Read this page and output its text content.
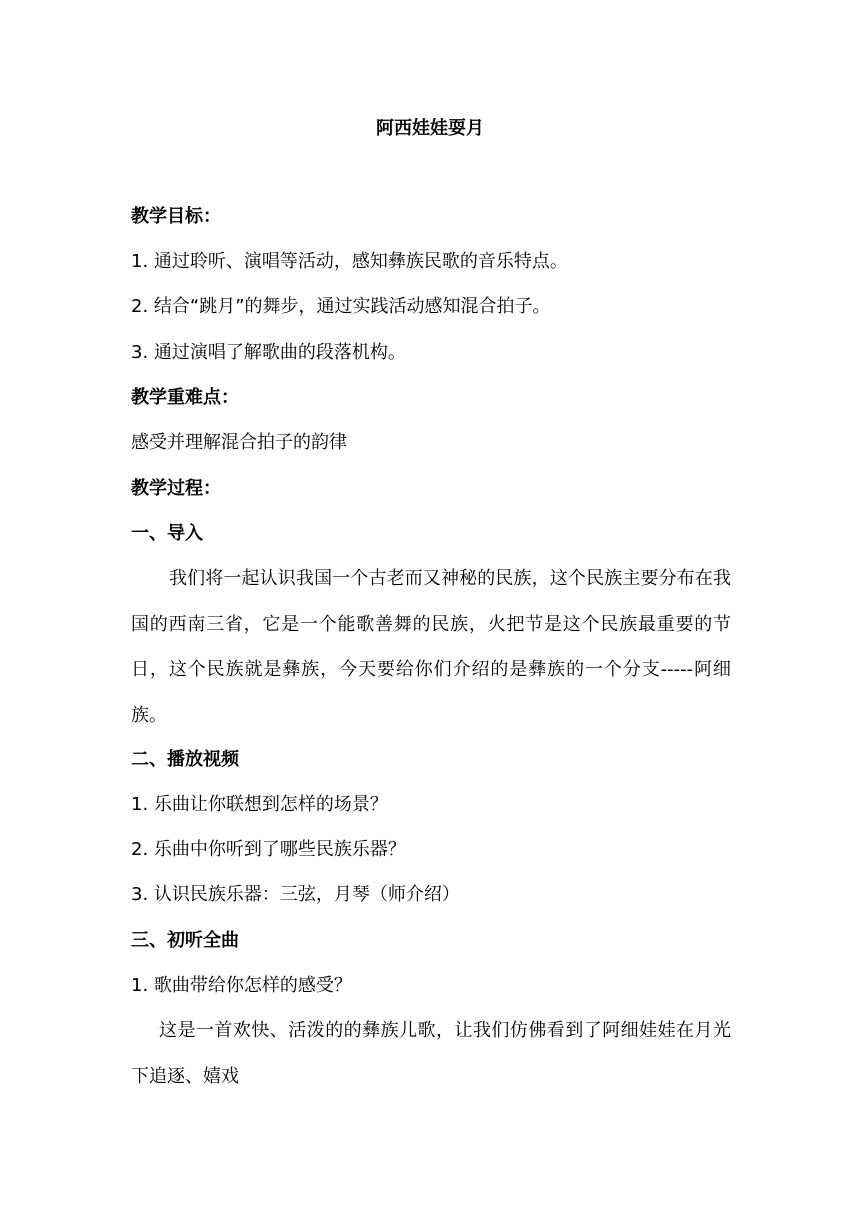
阿西娃娃耍月
教学目标：
1. 通过聆听、演唱等活动，感知彝族民歌的音乐特点。
2. 结合“跳月”的舞步，通过实践活动感知混合拍子。
3. 通过演唱了解歌曲的段落机构。
教学重难点：
感受并理解混合拍子的韵律
教学过程：
一、导入
我们将一起认识我国一个古老而又神秘的民族，这个民族主要分布在我国的西南三省，它是一个能歌善舞的民族，火把节是这个民族最重要的节日，这个民族就是彝族，今天要给你们介绍的是彝族的一个分支-----阿细族。
二、播放视频
1. 乐曲让你联想到怎样的场景？
2. 乐曲中你听到了哪些民族乐器？
3. 认识民族乐器：三弦，月琴（师介绍）
三、初听全曲
1. 歌曲带给你怎样的感受？
这是一首欢快、活泼的的彝族儿歌，让我们仿佛看到了阿细娃娃在月光下追逐、嬉戏
